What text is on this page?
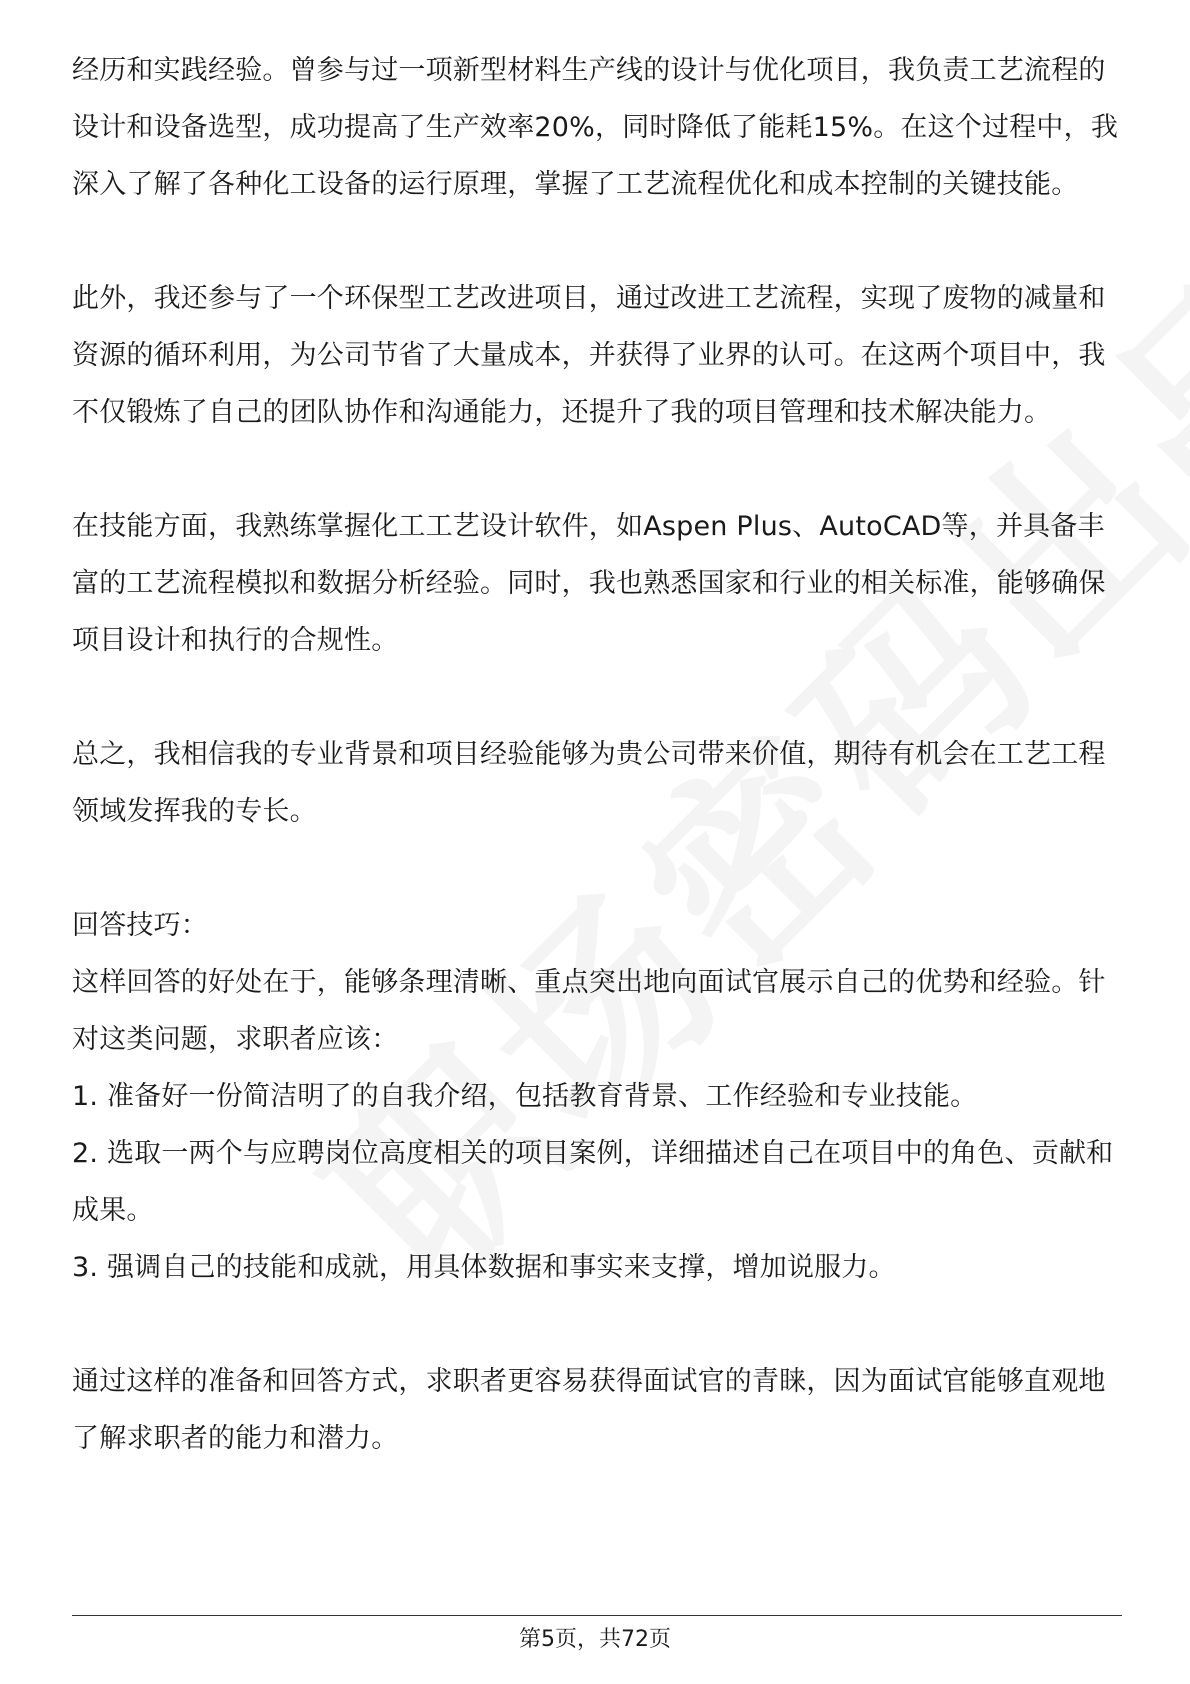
经历和实践经验。曾参与过一项新型材料生产线的设计与优化项目，我负责工艺流程的设计和设备选型，成功提高了生产效率20%，同时降低了能耗15%。在这个过程中，我深入了解了各种化工设备的运行原理，掌握了工艺流程优化和成本控制的关键技能。

此外，我还参与了一个环保型工艺改进项目，通过改进工艺流程，实现了废物的减量和资源的循环利用，为公司节省了大量成本，并获得了业界的认可。在这两个项目中，我不仅锻炼了自己的团队协作和沟通能力，还提升了我的项目管理和技术解决能力。

在技能方面，我熟练掌握化工工艺设计软件，如Aspen Plus、AutoCAD等，并具备丰富的工艺流程模拟和数据分析经验。同时，我也熟悉国家和行业的相关标准，能够确保项目设计和执行的合规性。

总之，我相信我的专业背景和项目经验能够为贵公司带来价值，期待有机会在工艺工程领域发挥我的专长。

回答技巧：

这样回答的好处在于，能够条理清晰、重点突出地向面试官展示自己的优势和经验。针对这类问题，求职者应该：

1. 准备好一份简洁明了的自我介绍，包括教育背景、工作经验和专业技能。

2. 选取一两个与应聘岗位高度相关的项目案例，详细描述自己在项目中的角色、贡献和成果。

3. 强调自己的技能和成就，用具体数据和事实来支撑，增加说服力。

通过这样的准备和回答方式，求职者更容易获得面试官的青睐，因为面试官能够直观地了解求职者的能力和潜力。

第5页，共72页
